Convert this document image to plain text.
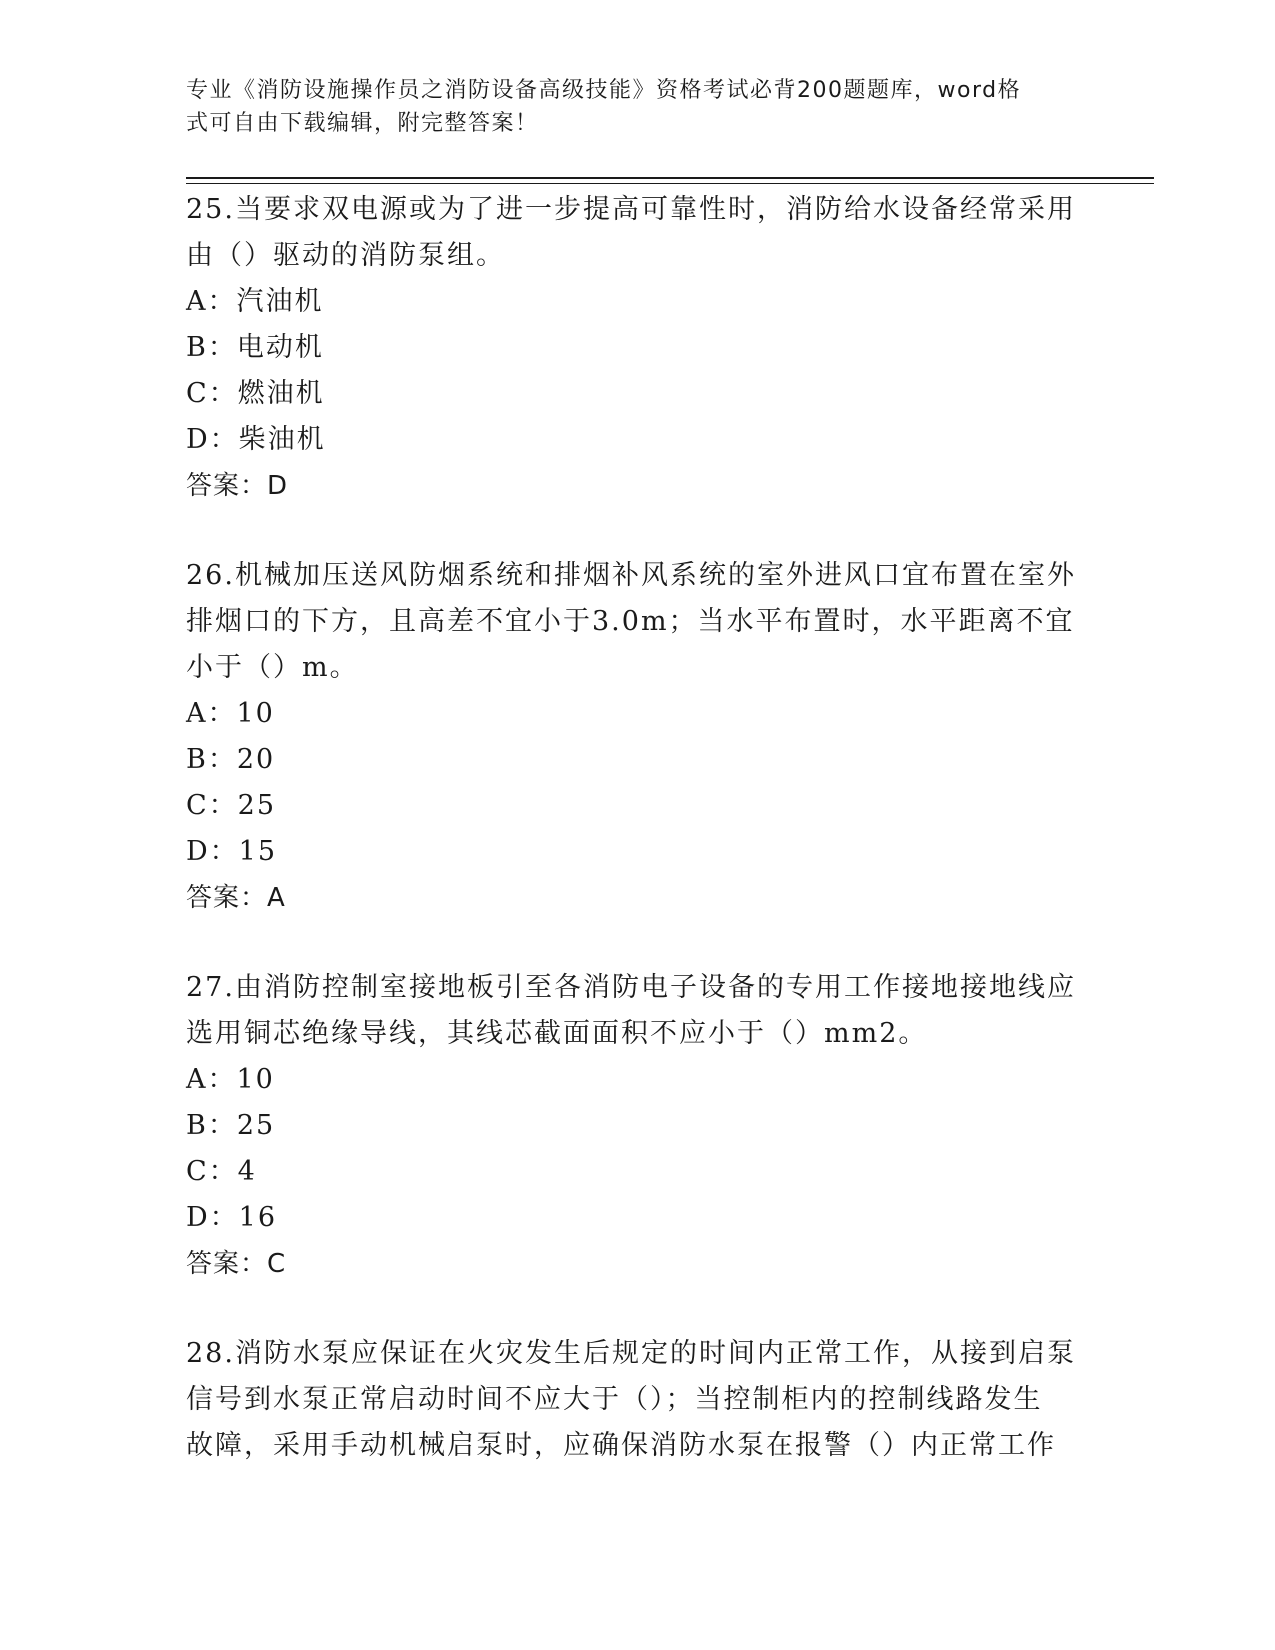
专业《消防设施操作员之消防设备高级技能》资格考试必背200题题库，word格
式可自由下载编辑，附完整答案！

25.当要求双电源或为了进一步提高可靠性时，消防给水设备经常采用

由（）驱动的消防泵组。

A：汽油机

B：电动机

C：燃油机

D：柴油机

答案：D

26.机械加压送风防烟系统和排烟补风系统的室外进风口宜布置在室外

排烟口的下方，且高差不宜小于3.0m；当水平布置时，水平距离不宜

小于（）m。

A：10

B：20

C：25

D：15

答案：A

27.由消防控制室接地板引至各消防电子设备的专用工作接地接地线应

选用铜芯绝缘导线，其线芯截面面积不应小于（）mm2。

A：10

B：25

C：4

D：16

答案：C

28.消防水泵应保证在火灾发生后规定的时间内正常工作，从接到启泵

信号到水泵正常启动时间不应大于（）；当控制柜内的控制线路发生

故障，采用手动机械启泵时，应确保消防水泵在报警（）内正常工作
